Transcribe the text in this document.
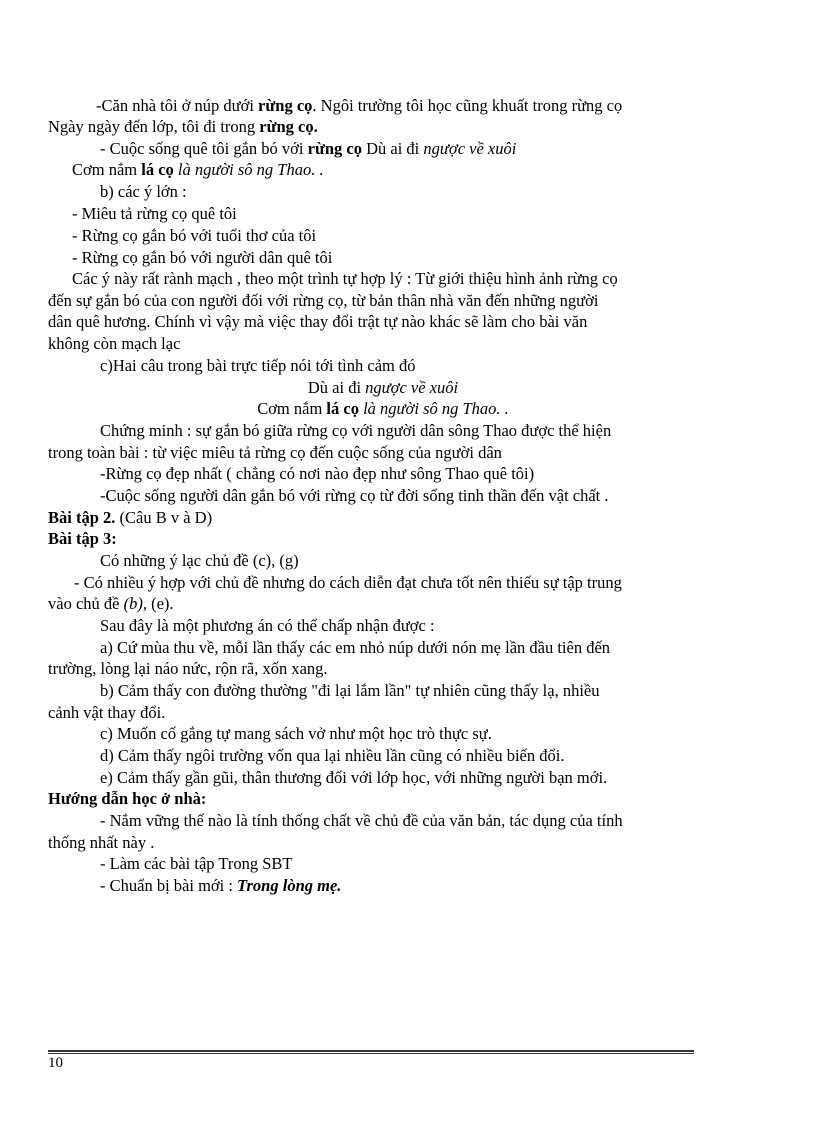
-Căn nhà tôi ở núp dưới rừng cọ. Ngôi trường tôi học cũng khuất trong rừng cọ
Ngày ngày đến lớp, tôi đi trong rừng cọ.
- Cuộc sống quê tôi gắn bó với rừng cọ Dù ai đi ngược về xuôi
Cơm nắm lá cọ là người sô ng Thao. .
b) các ý lớn :
- Miêu tả rừng cọ quê tôi
- Rừng cọ gắn bó với tuổi thơ của tôi
- Rừng cọ gắn bó với người dân quê tôi
Các ý này rất rành mạch , theo một trình tự hợp lý : Từ giới thiệu hình ảnh rừng cọ
đến sự gắn bó của con người đối với rừng cọ, từ bản thân nhà văn đến những người
dân quê hương. Chính vì vậy mà việc thay đổi trật tự nào khác sẽ làm cho bài văn
không còn mạch lạc
c)Hai câu trong bài trực tiếp nói tới tình cảm đó
Dù ai đi ngược về xuôi
Cơm nắm lá cọ là người sô ng Thao. .
Chứng minh : sự gắn bó giữa rừng cọ với người dân sông Thao được thể hiện
trong toàn bài : từ việc miêu tả rừng cọ đến cuộc sống của người dân
-Rừng cọ đẹp nhất ( chẳng có nơi nào đẹp như sông Thao quê tôi)
-Cuộc sống người dân gắn bó với rừng cọ từ đời sống tinh thần đến vật chất .
Bài tập 2. (Câu B v à D)
Bài tập 3:
Có những ý lạc chủ đề (c), (g)
- Có nhiều ý hợp với chủ đề nhưng do cách diễn đạt chưa tốt nên thiếu sự tập trung
vào chủ đề (b), (e).
Sau đây là một phương án có thể chấp nhận được :
a) Cứ mùa thu về, mỗi lần thấy các em nhỏ núp dưới nón mẹ lần đầu tiên đến
trường, lòng lại náo nức, rộn rã, xốn xang.
b) Cảm thấy con đường thường "đi lại lắm lần" tự nhiên cũng thấy lạ, nhiều
cảnh vật thay đổi.
c) Muốn cố gắng tự mang sách vở như một học trò thực sự.
d) Cảm thấy ngôi trường vốn qua lại nhiều lần cũng có nhiều biến đổi.
e) Cảm thấy gần gũi, thân thương đối với lớp học, với những người bạn mới.
Hướng dẫn học ở nhà:
- Nắm vững thế nào là tính thống chất về chủ đề của văn bản, tác dụng của tính
thống nhất này .
- Làm các bài tập Trong SBT
- Chuẩn bị bài mới : Trong lòng mẹ.
10
